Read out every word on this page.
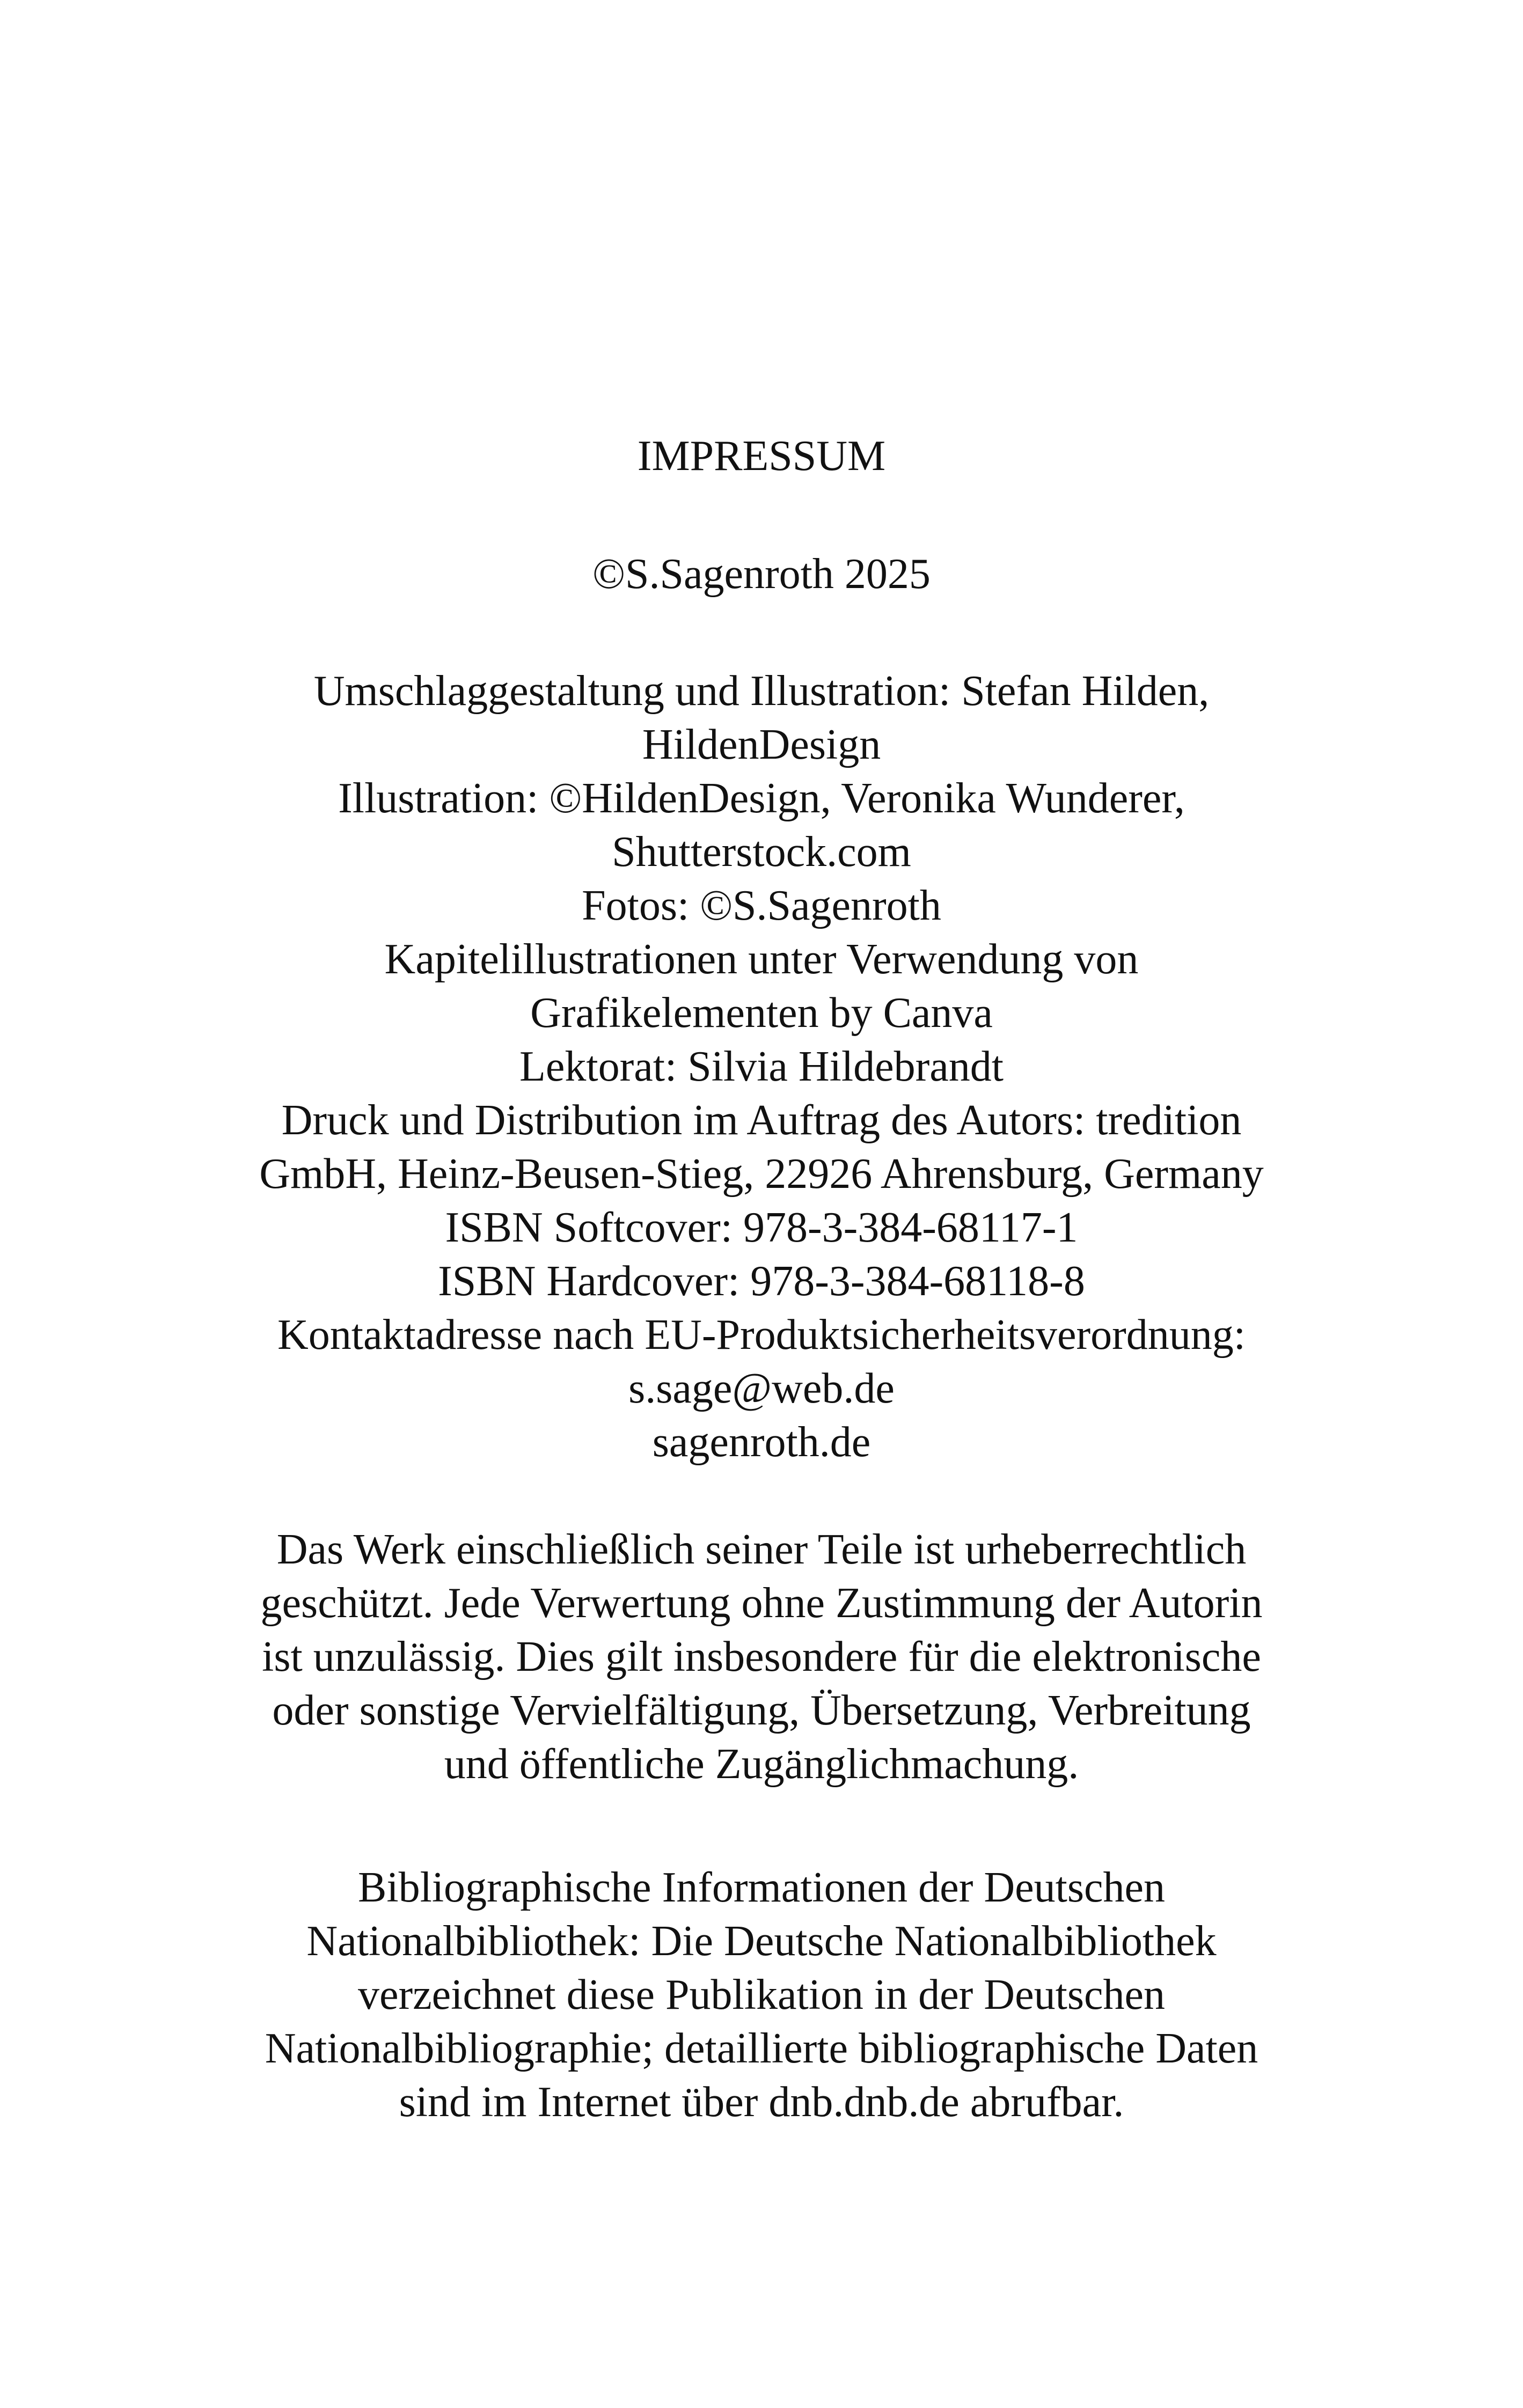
IMPRESSUM
©S.Sagenroth 2025
Umschlaggestaltung und Illustration: Stefan Hilden,
HildenDesign
Illustration: ©HildenDesign, Veronika Wunderer,
Shutterstock.com
Fotos: ©S.Sagenroth
Kapitelillustrationen unter Verwendung von
Grafikelementen by Canva
Lektorat: Silvia Hildebrandt
Druck und Distribution im Auftrag des Autors: tredition
GmbH, Heinz-Beusen-Stieg, 22926 Ahrensburg, Germany
ISBN Softcover: 978-3-384-68117-1
ISBN Hardcover: 978-3-384-68118-8
Kontaktadresse nach EU-Produktsicherheitsverordnung:
s.sage@web.de
sagenroth.de
Das Werk einschließlich seiner Teile ist urheberrechtlich
geschützt. Jede Verwertung ohne Zustimmung der Autorin
ist unzulässig. Dies gilt insbesondere für die elektronische
oder sonstige Vervielfältigung, Übersetzung, Verbreitung
und öffentliche Zugänglichmachung.
Bibliographische Informationen der Deutschen
Nationalbibliothek: Die Deutsche Nationalbibliothek
verzeichnet diese Publikation in der Deutschen
Nationalbibliographie; detaillierte bibliographische Daten
sind im Internet über dnb.dnb.de abrufbar.
